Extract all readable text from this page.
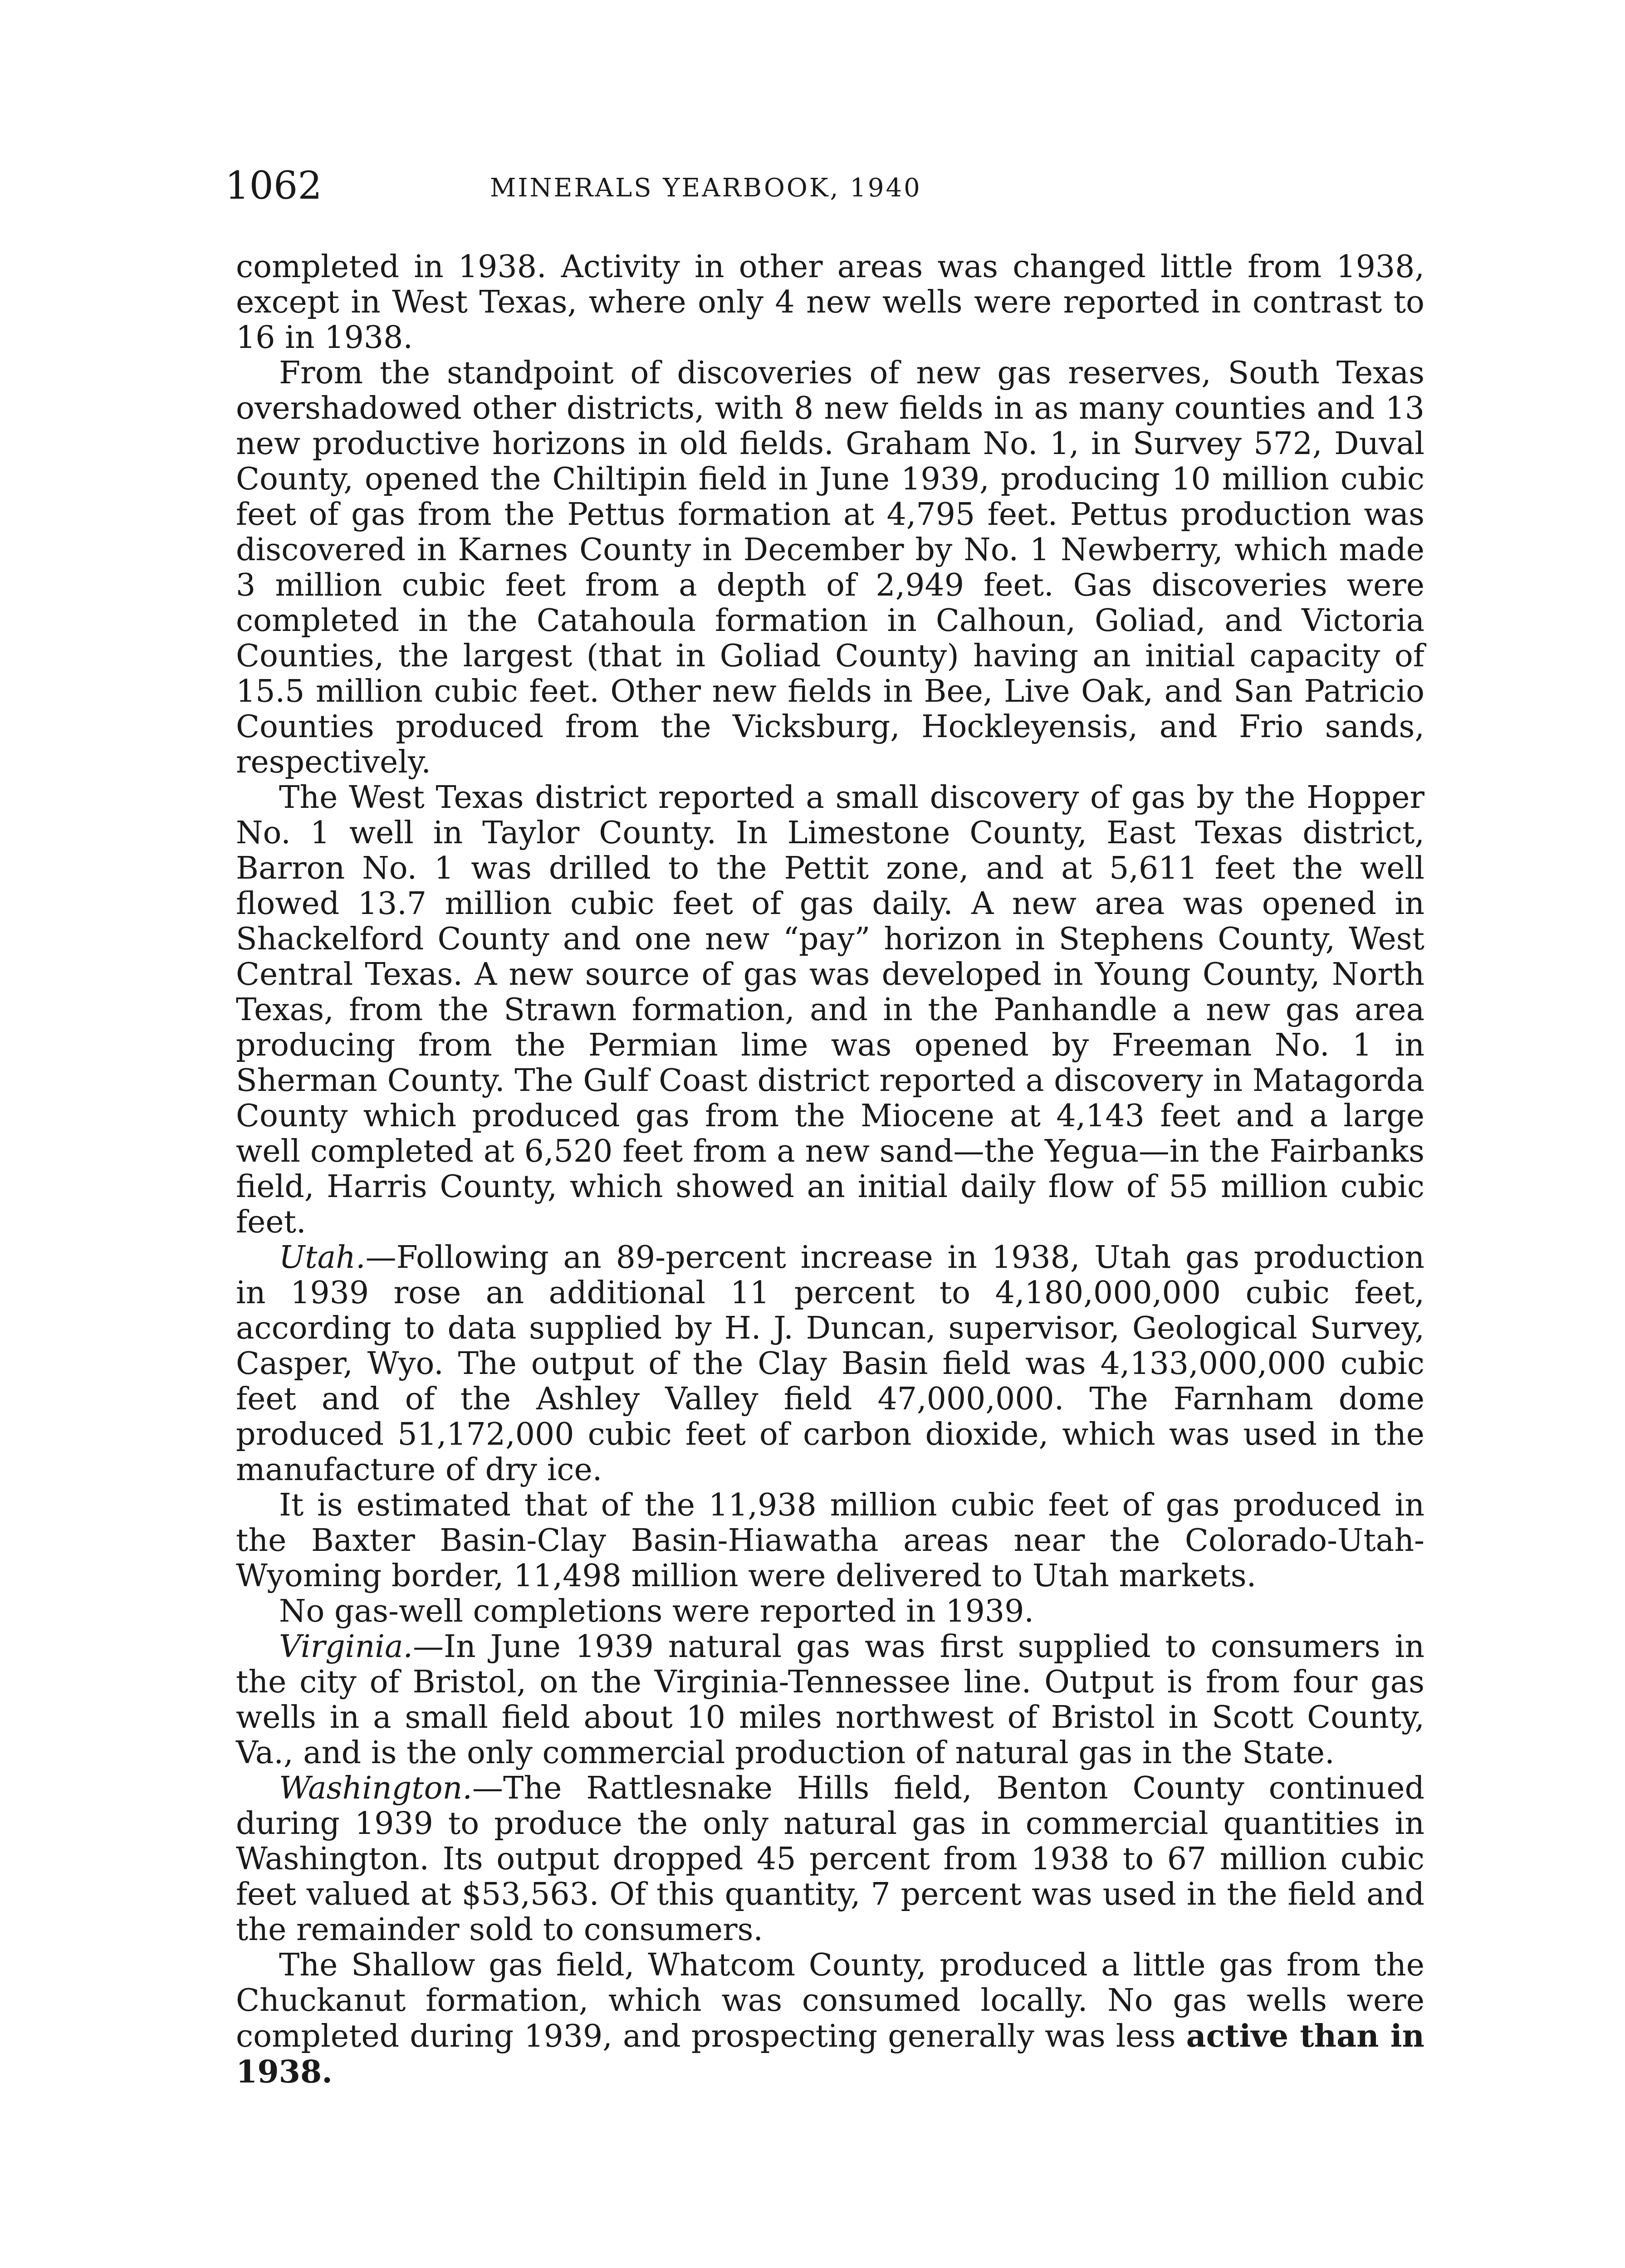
1062	MINERALS YEARBOOK, 1940

completed in 1938. Activity in other areas was changed little from 1938, except in West Texas, where only 4 new wells were reported in contrast to 16 in 1938.

From the standpoint of discoveries of new gas reserves, South Texas overshadowed other districts, with 8 new fields in as many counties and 13 new productive horizons in old fields. Graham No. 1, in Survey 572, Duval County, opened the Chiltipin field in June 1939, producing 10 million cubic feet of gas from the Pettus formation at 4,795 feet. Pettus production was discovered in Karnes County in December by No. 1 Newberry, which made 3 million cubic feet from a depth of 2,949 feet. Gas discoveries were completed in the Catahoula formation in Calhoun, Goliad, and Victoria Counties, the largest (that in Goliad County) having an initial capacity of 15.5 million cubic feet. Other new fields in Bee, Live Oak, and San Patricio Counties produced from the Vicksburg, Hockleyensis, and Frio sands, respectively.

The West Texas district reported a small discovery of gas by the Hopper No. 1 well in Taylor County. In Limestone County, East Texas district, Barron No. 1 was drilled to the Pettit zone, and at 5,611 feet the well flowed 13.7 million cubic feet of gas daily. A new area was opened in Shackelford County and one new “pay” horizon in Stephens County, West Central Texas. A new source of gas was developed in Young County, North Texas, from the Strawn formation, and in the Panhandle a new gas area producing from the Permian lime was opened by Freeman No. 1 in Sherman County. The Gulf Coast district reported a discovery in Matagorda County which produced gas from the Miocene at 4,143 feet and a large well completed at 6,520 feet from a new sand—the Yegua—in the Fairbanks field, Harris County, which showed an initial daily flow of 55 million cubic feet.

Utah.—Following an 89-percent increase in 1938, Utah gas production in 1939 rose an additional 11 percent to 4,180,000,000 cubic feet, according to data supplied by H. J. Duncan, supervisor, Geological Survey, Casper, Wyo. The output of the Clay Basin field was 4,133,000,000 cubic feet and of the Ashley Valley field 47,000,000. The Farnham dome produced 51,172,000 cubic feet of carbon dioxide, which was used in the manufacture of dry ice.

It is estimated that of the 11,938 million cubic feet of gas produced in the Baxter Basin-Clay Basin-Hiawatha areas near the Colorado-Utah-Wyoming border, 11,498 million were delivered to Utah markets.

No gas-well completions were reported in 1939.

Virginia.—In June 1939 natural gas was first supplied to consumers in the city of Bristol, on the Virginia-Tennessee line. Output is from four gas wells in a small field about 10 miles northwest of Bristol in Scott County, Va., and is the only commercial production of natural gas in the State.

Washington.—The Rattlesnake Hills field, Benton County continued during 1939 to produce the only natural gas in commercial quantities in Washington. Its output dropped 45 percent from 1938 to 67 million cubic feet valued at $53,563. Of this quantity, 7 percent was used in the field and the remainder sold to consumers.

The Shallow gas field, Whatcom County, produced a little gas from the Chuckanut formation, which was consumed locally. No gas wells were completed during 1939, and prospecting generally was less active than in 1938.
